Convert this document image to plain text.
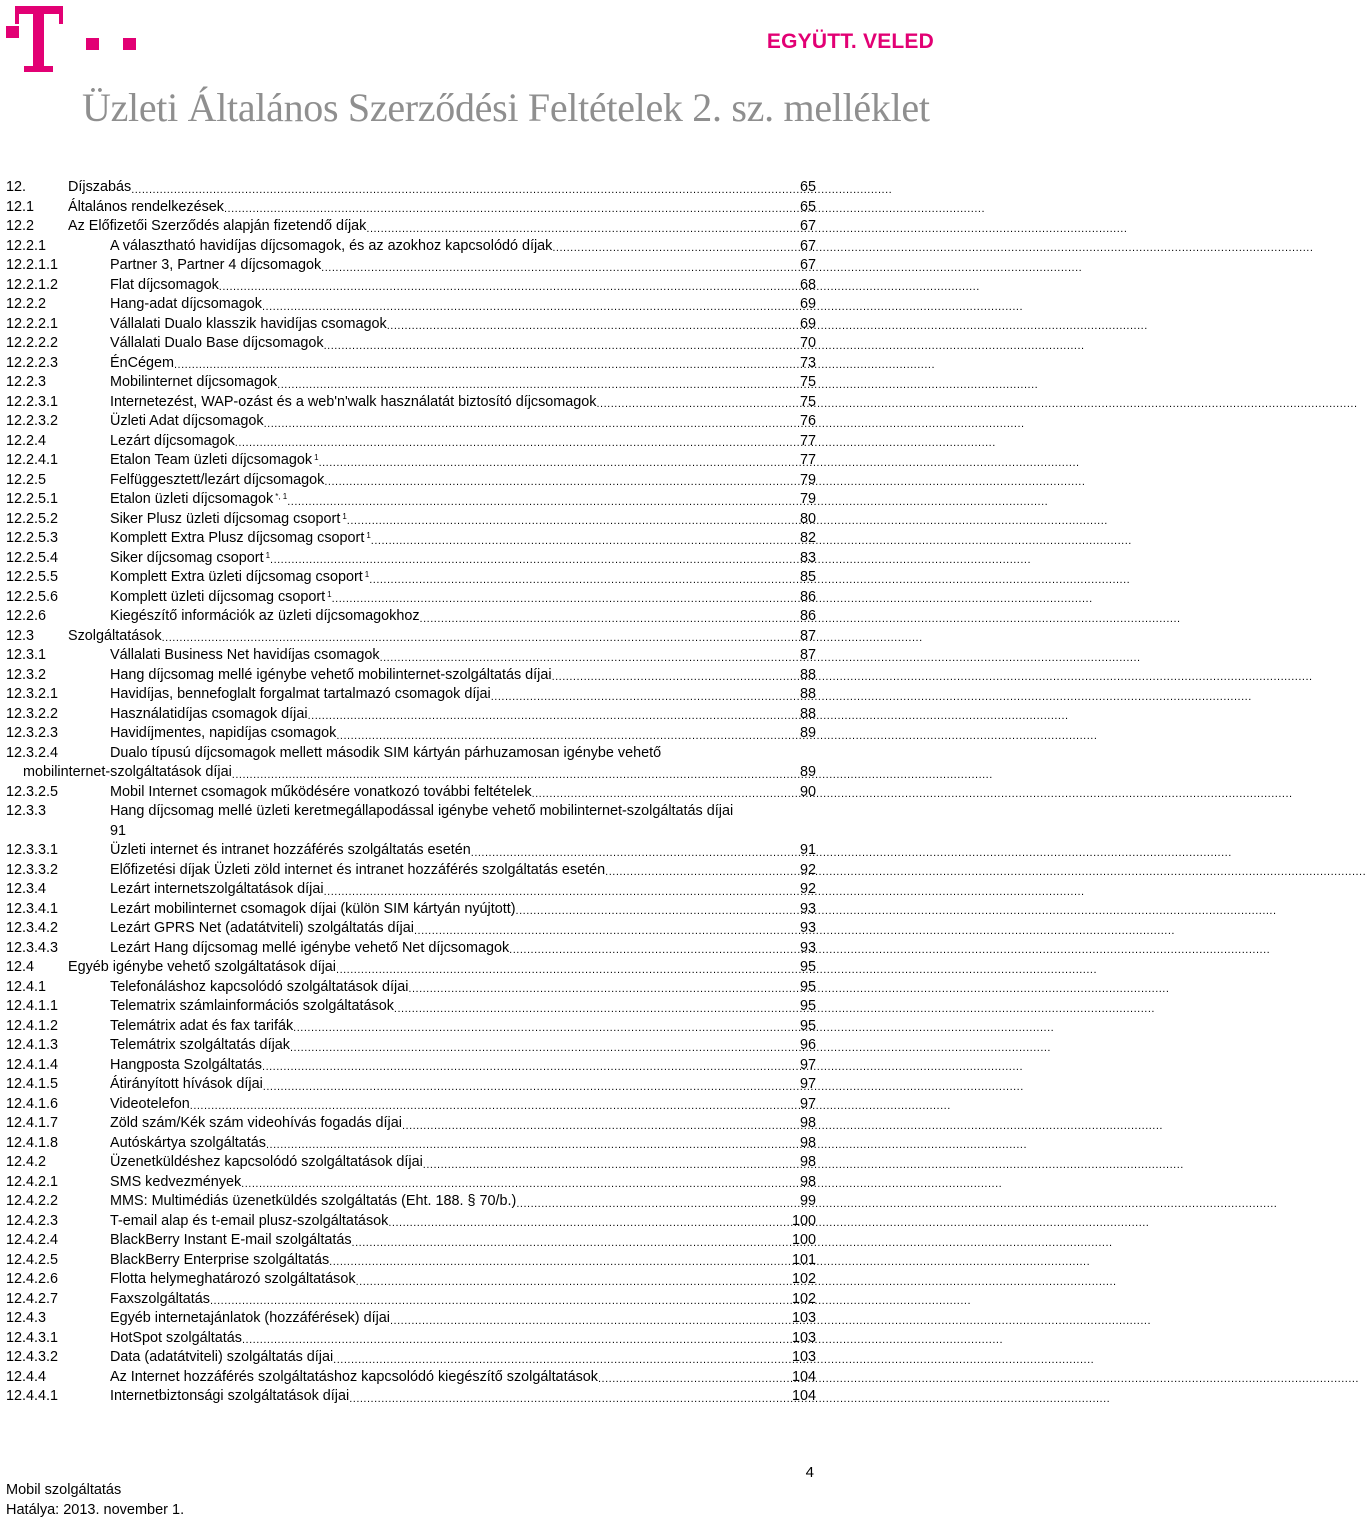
EGYÜTT. VELED
Üzleti Általános Szerződési Feltételek 2. sz. melléklet
12.	Díjszabás .....	65
12.1	Általános rendelkezések .....	65
12.2	Az Előfizetői Szerződés alapján fizetendő díjak .....	67
12.2.1	A választható havidíjas díjcsomagok, és az azokhoz kapcsolódó díjak .....	67
12.2.1.1	Partner 3, Partner 4 díjcsomagok .....	67
12.2.1.2	Flat díjcsomagok .....	68
12.2.2	Hang-adat díjcsomagok .....	69
12.2.2.1	Vállalati Dualo klasszik havidíjas csomagok .....	69
12.2.2.2	Vállalati Dualo Base díjcsomagok .....	70
12.2.2.3	ÉnCégem .....	73
12.2.3	Mobilinternet díjcsomagok .....	75
12.2.3.1	Internetezést, WAP-ozást és a web'n'walk használatát biztosító díjcsomagok .....	75
12.2.3.2	Üzleti Adat díjcsomagok .....	76
12.2.4	Lezárt díjcsomagok .....	77
12.2.4.1	Etalon Team üzleti díjcsomagok 1 .....	77
12.2.5	Felfüggesztett/lezárt díjcsomagok .....	79
12.2.5.1	Etalon üzleti díjcsomagok *, 1 .....	79
12.2.5.2	Siker Plusz üzleti díjcsomag csoport 1 .....	80
12.2.5.3	Komplett Extra Plusz díjcsomag csoport 1 .....	82
12.2.5.4	Siker díjcsomag csoport 1 .....	83
12.2.5.5	Komplett Extra üzleti díjcsomag csoport 1 .....	85
12.2.5.6	Komplett üzleti díjcsomag csoport 1 .....	86
12.2.6	Kiegészítő információk az üzleti díjcsomagokhoz .....	86
12.3	Szolgáltatások .....	87
12.3.1	Vállalati Business Net havidíjas csomagok .....	87
12.3.2	Hang díjcsomag mellé igénybe vehető mobilinternet-szolgáltatás díjai .....	88
12.3.2.1	Havidíjas, bennefoglalt forgalmat tartalmazó csomagok díjai .....	88
12.3.2.2	Használatidíjas csomagok díjai .....	88
12.3.2.3	Havidíjmentes, napidíjas csomagok .....	89
12.3.2.4	Dualo típusú díjcsomagok mellett második SIM kártyán párhuzamosan igénybe vehető
mobilinternet-szolgáltatások díjai .....	89
12.3.2.5	Mobil Internet csomagok működésére vonatkozó további feltételek .....	90
12.3.3	Hang díjcsomag mellé üzleti keretmegállapodással igénybe vehető mobilinternet-szolgáltatás díjai
91
12.3.3.1	Üzleti internet és intranet hozzáférés szolgáltatás esetén .....	91
12.3.3.2	Előfizetési díjak Üzleti zöld internet és intranet hozzáférés szolgáltatás esetén .....	92
12.3.4	Lezárt internetszolgáltatások díjai .....	92
12.3.4.1	Lezárt mobilinternet csomagok díjai (külön SIM kártyán nyújtott) .....	93
12.3.4.2	Lezárt GPRS Net (adatátviteli) szolgáltatás díjai .....	93
12.3.4.3	Lezárt Hang díjcsomag mellé igénybe vehető Net díjcsomagok .....	93
12.4	Egyéb igénybe vehető szolgáltatások díjai .....	95
12.4.1	Telefonáláshoz kapcsolódó szolgáltatások díjai .....	95
12.4.1.1	Telematrix számlainformációs szolgáltatások .....	95
12.4.1.2	Telemátrix adat és fax tarifák .....	95
12.4.1.3	Telemátrix szolgáltatás díjak .....	96
12.4.1.4	Hangposta Szolgáltatás .....	97
12.4.1.5	Átirányított hívások díjai .....	97
12.4.1.6	Videotelefon .....	97
12.4.1.7	Zöld szám/Kék szám videohívás fogadás díjai .....	98
12.4.1.8	Autóskártya szolgáltatás .....	98
12.4.2	Üzenetküldéshez kapcsolódó szolgáltatások díjai .....	98
12.4.2.1	SMS kedvezmények .....	98
12.4.2.2	MMS: Multimédiás üzenetküldés szolgáltatás (Eht. 188. § 70/b.) .....	99
12.4.2.3	T-email alap és t-email plusz-szolgáltatások .....	100
12.4.2.4	BlackBerry Instant E-mail szolgáltatás .....	100
12.4.2.5	BlackBerry Enterprise szolgáltatás .....	101
12.4.2.6	Flotta helymeghatározó szolgáltatások .....	102
12.4.2.7	Faxszolgáltatás .....	102
12.4.3	Egyéb internetajánlatok (hozzáférések) díjai .....	103
12.4.3.1	HotSpot szolgáltatás .....	103
12.4.3.2	Data (adatátviteli) szolgáltatás díjai .....	103
12.4.4	Az Internet hozzáférés szolgáltatáshoz kapcsolódó kiegészítő szolgáltatások .....	104
12.4.4.1	Internetbiztonsági szolgáltatások díjai .....	104
Mobil szolgáltatás
Hatálya: 2013. november 1.
4
